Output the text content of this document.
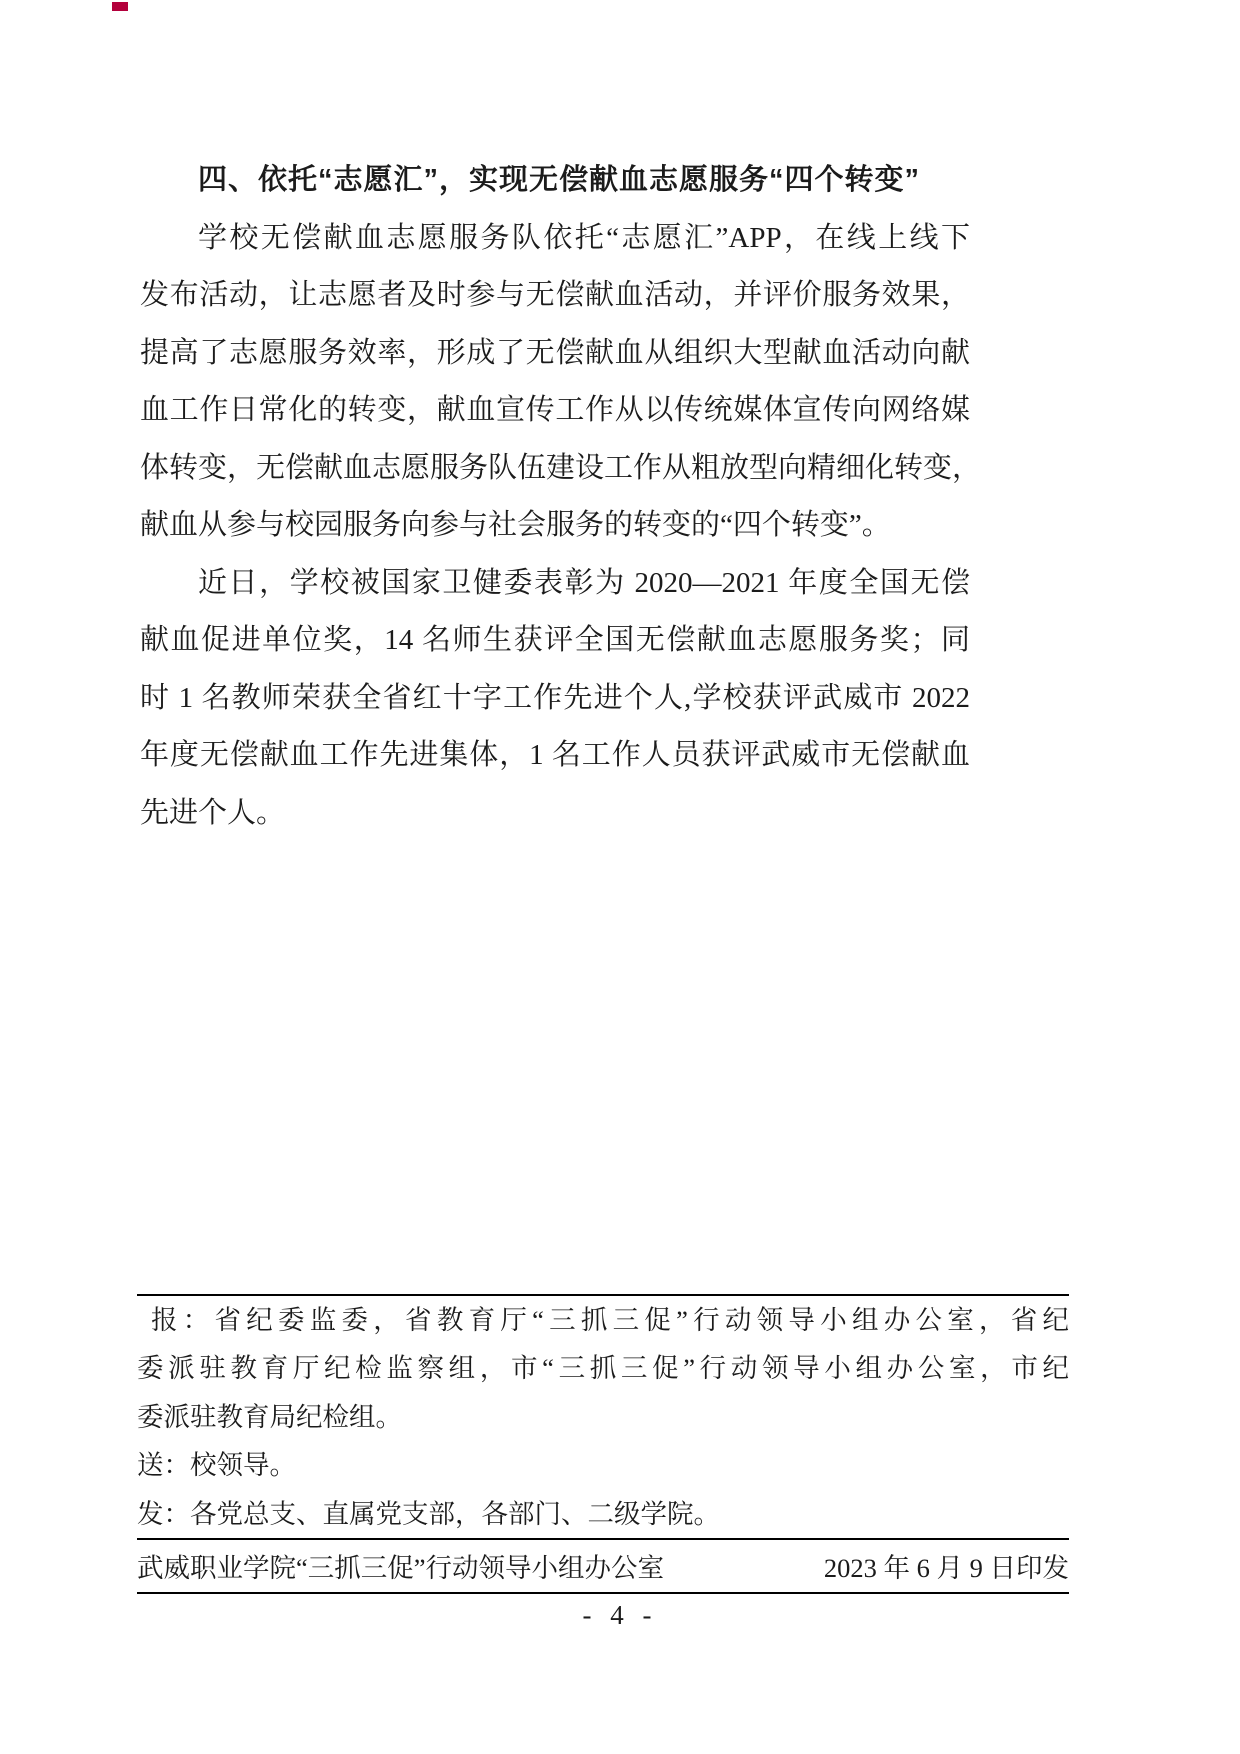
四、依托“志愿汇”，实现无偿献血志愿服务“四个转变”
学校无偿献血志愿服务队依托“志愿汇”APP，在线上线下
发布活动，让志愿者及时参与无偿献血活动，并评价服务效果，
提高了志愿服务效率，形成了无偿献血从组织大型献血活动向献
血工作日常化的转变，献血宣传工作从以传统媒体宣传向网络媒
体转变，无偿献血志愿服务队伍建设工作从粗放型向精细化转变，
献血从参与校园服务向参与社会服务的转变的“四个转变”。
近日，学校被国家卫健委表彰为 2020—2021 年度全国无偿
献血促进单位奖，14 名师生获评全国无偿献血志愿服务奖；同
时 1 名教师荣获全省红十字工作先进个人,学校获评武威市 2022
年度无偿献血工作先进集体，1 名工作人员获评武威市无偿献血
先进个人。
报：省纪委监委，省教育厅“三抓三促”行动领导小组办公室，省纪
委派驻教育厅纪检监察组，市“三抓三促”行动领导小组办公室，市纪
委派驻教育局纪检组。
送：校领导。
发：各党总支、直属党支部，各部门、二级学院。
武威职业学院“三抓三促”行动领导小组办公室	2023 年 6 月 9 日印发
- 4 -
